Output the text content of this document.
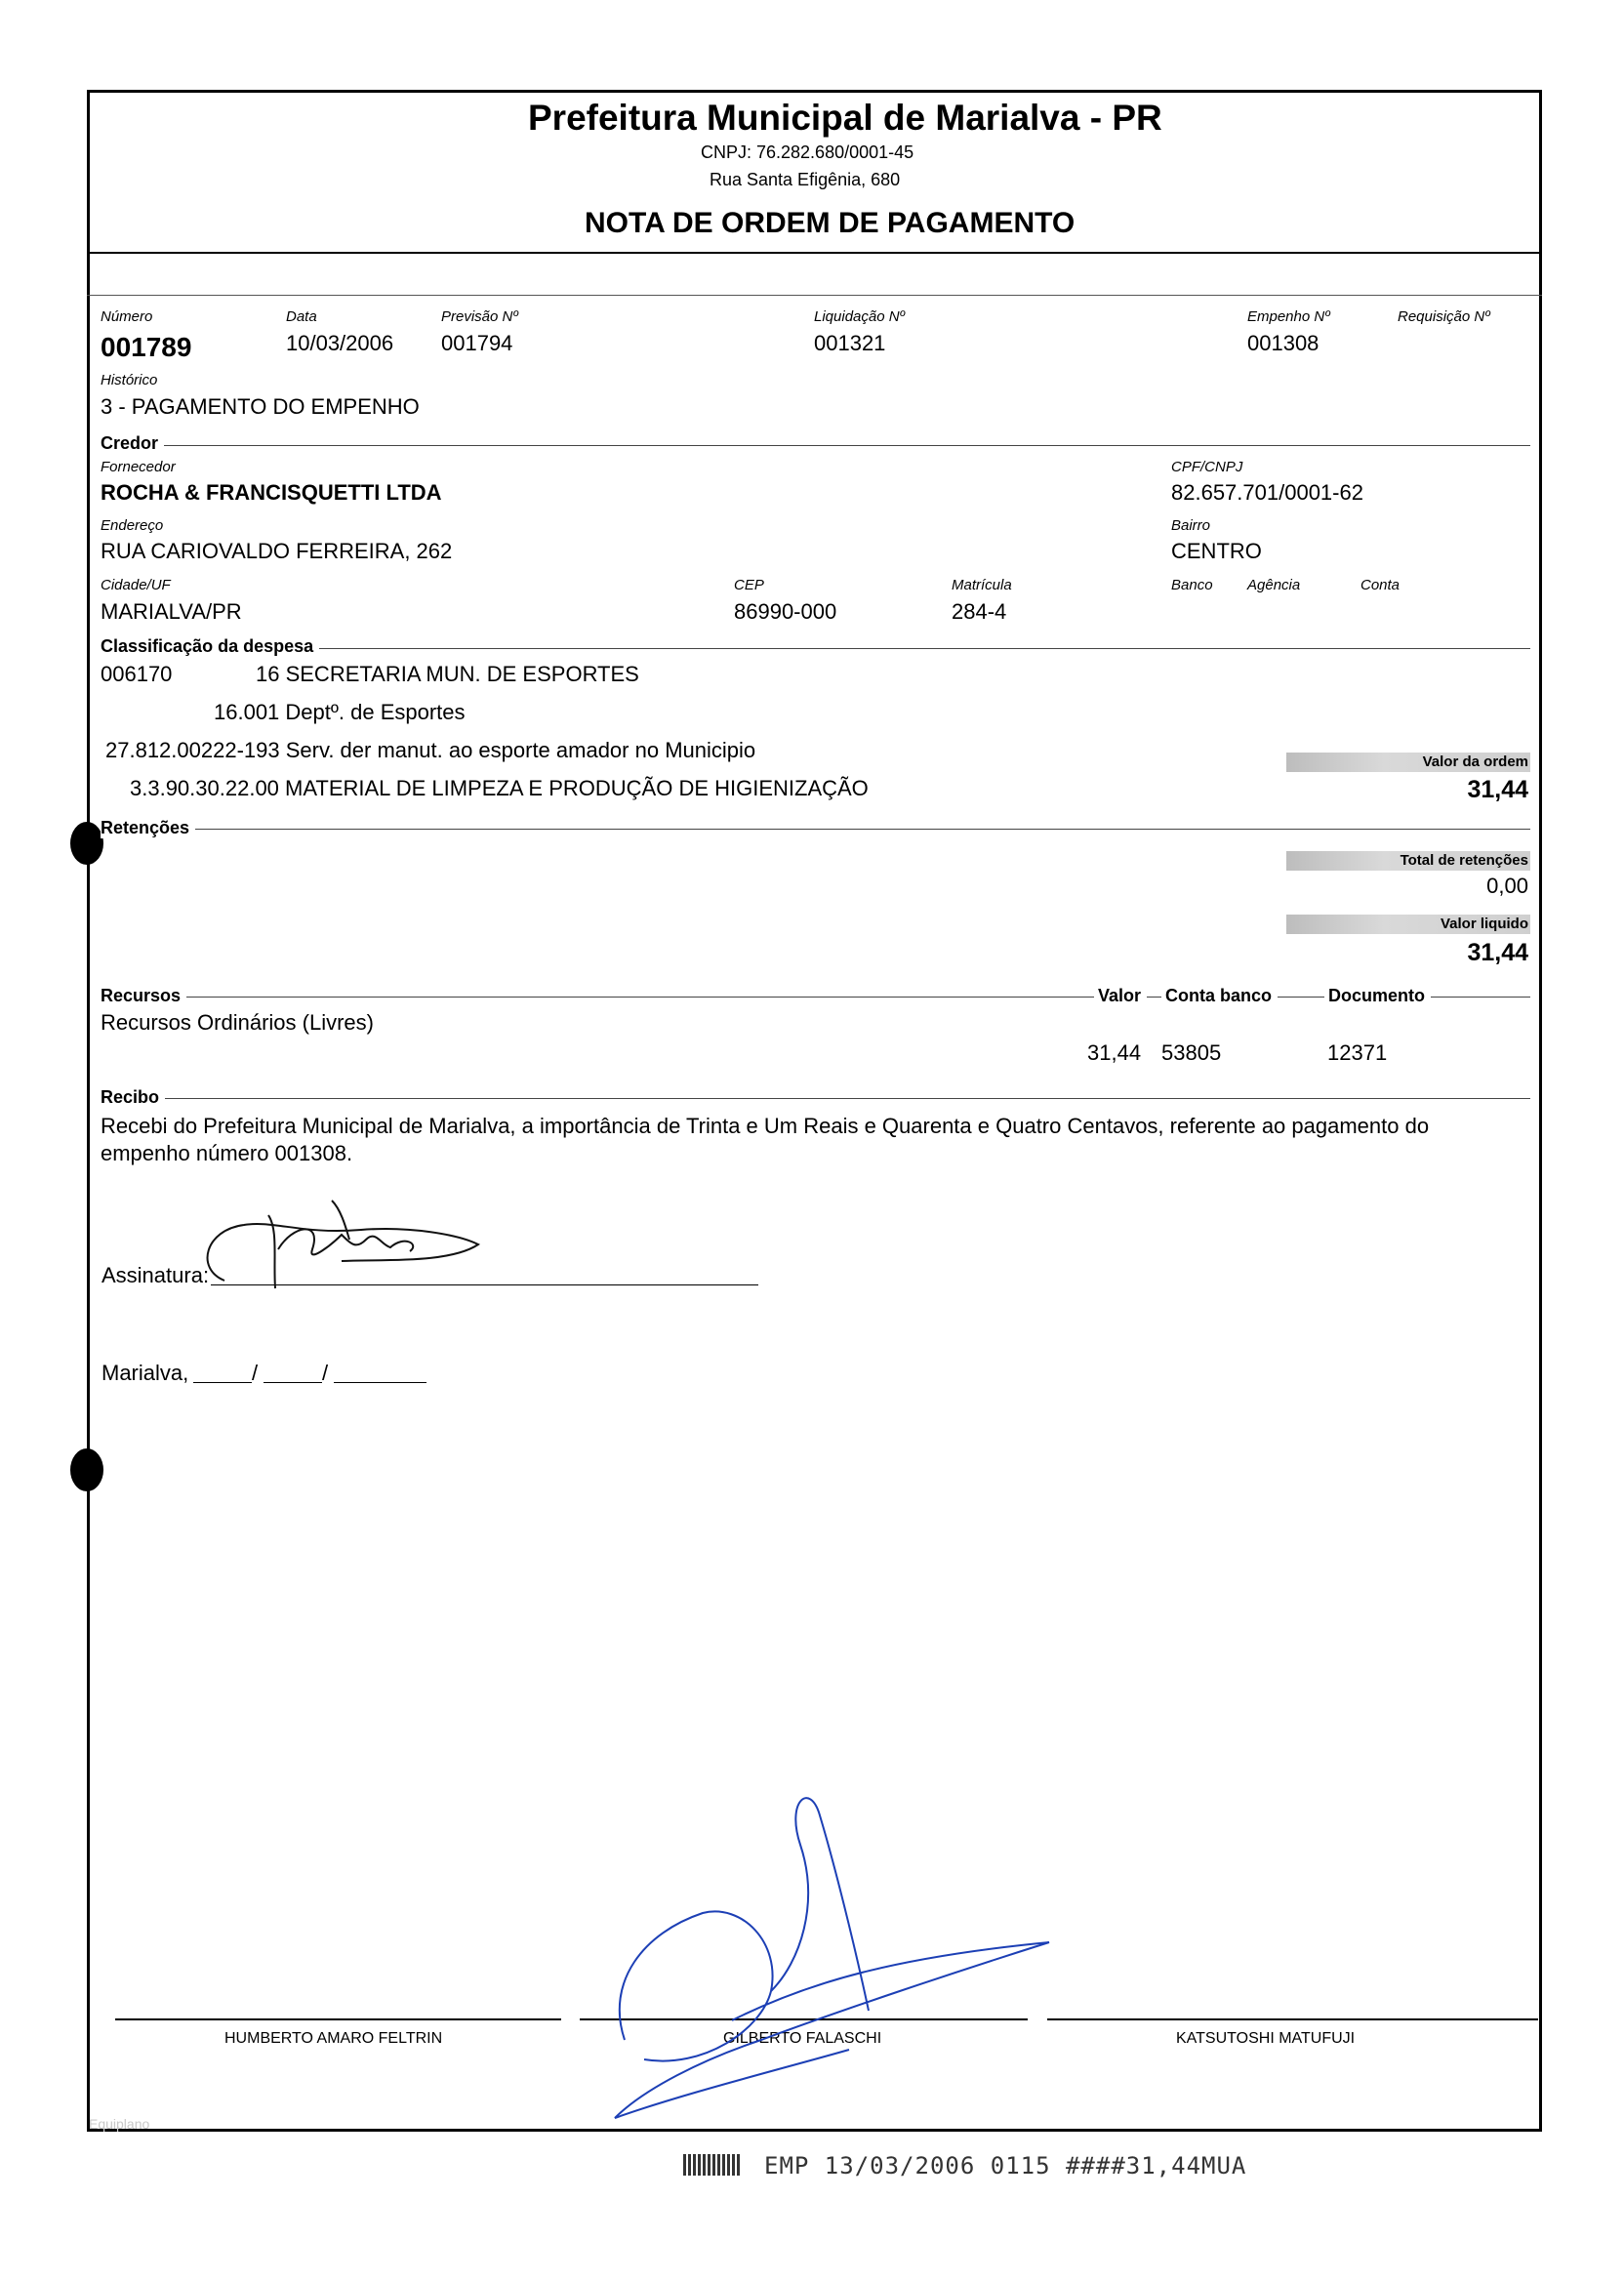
Prefeitura Municipal de Marialva - PR
CNPJ: 76.282.680/0001-45
Rua Santa Efigênia, 680
NOTA DE ORDEM DE PAGAMENTO
Número
001789
Data
10/03/2006
Previsão Nº
001794
Liquidação Nº
001321
Empenho Nº
001308
Requisição Nº
Histórico
3 - PAGAMENTO DO EMPENHO
Credor
Fornecedor
ROCHA & FRANCISQUETTI LTDA
CPF/CNPJ
82.657.701/0001-62
Endereço
RUA CARIOVALDO FERREIRA, 262
Bairro
CENTRO
Cidade/UF
MARIALVA/PR
CEP
86990-000
Matrícula
284-4
Banco Agência	Conta
Classificação da despesa
006170	16 SECRETARIA MUN. DE ESPORTES
16.001 Deptº. de Esportes
27.812.00222-193 Serv. der manut. ao esporte amador no Municipio
3.3.90.30.22.00 MATERIAL DE LIMPEZA E PRODUÇÃO DE HIGIENIZAÇÃO
Valor da ordem
31,44
Retenções
Total de retenções
0,00
Valor liquido
31,44
Recursos	Valor	Conta banco	Documento
Recursos Ordinários (Livres)
31,44 53805	12371
Recibo
Recebi do Prefeitura Municipal de Marialva, a importância de Trinta e Um Reais e Quarenta e Quatro Centavos, referente ao pagamento do
empenho número 001308.
Assinatura:
Marialva,	/	/
HUMBERTO AMARO FELTRIN	GILBERTO FALASCHI	KATSUTOSHI MATUFUJI
Equiplano
EMP 13/03/2006 0115 ####31,44MUA
